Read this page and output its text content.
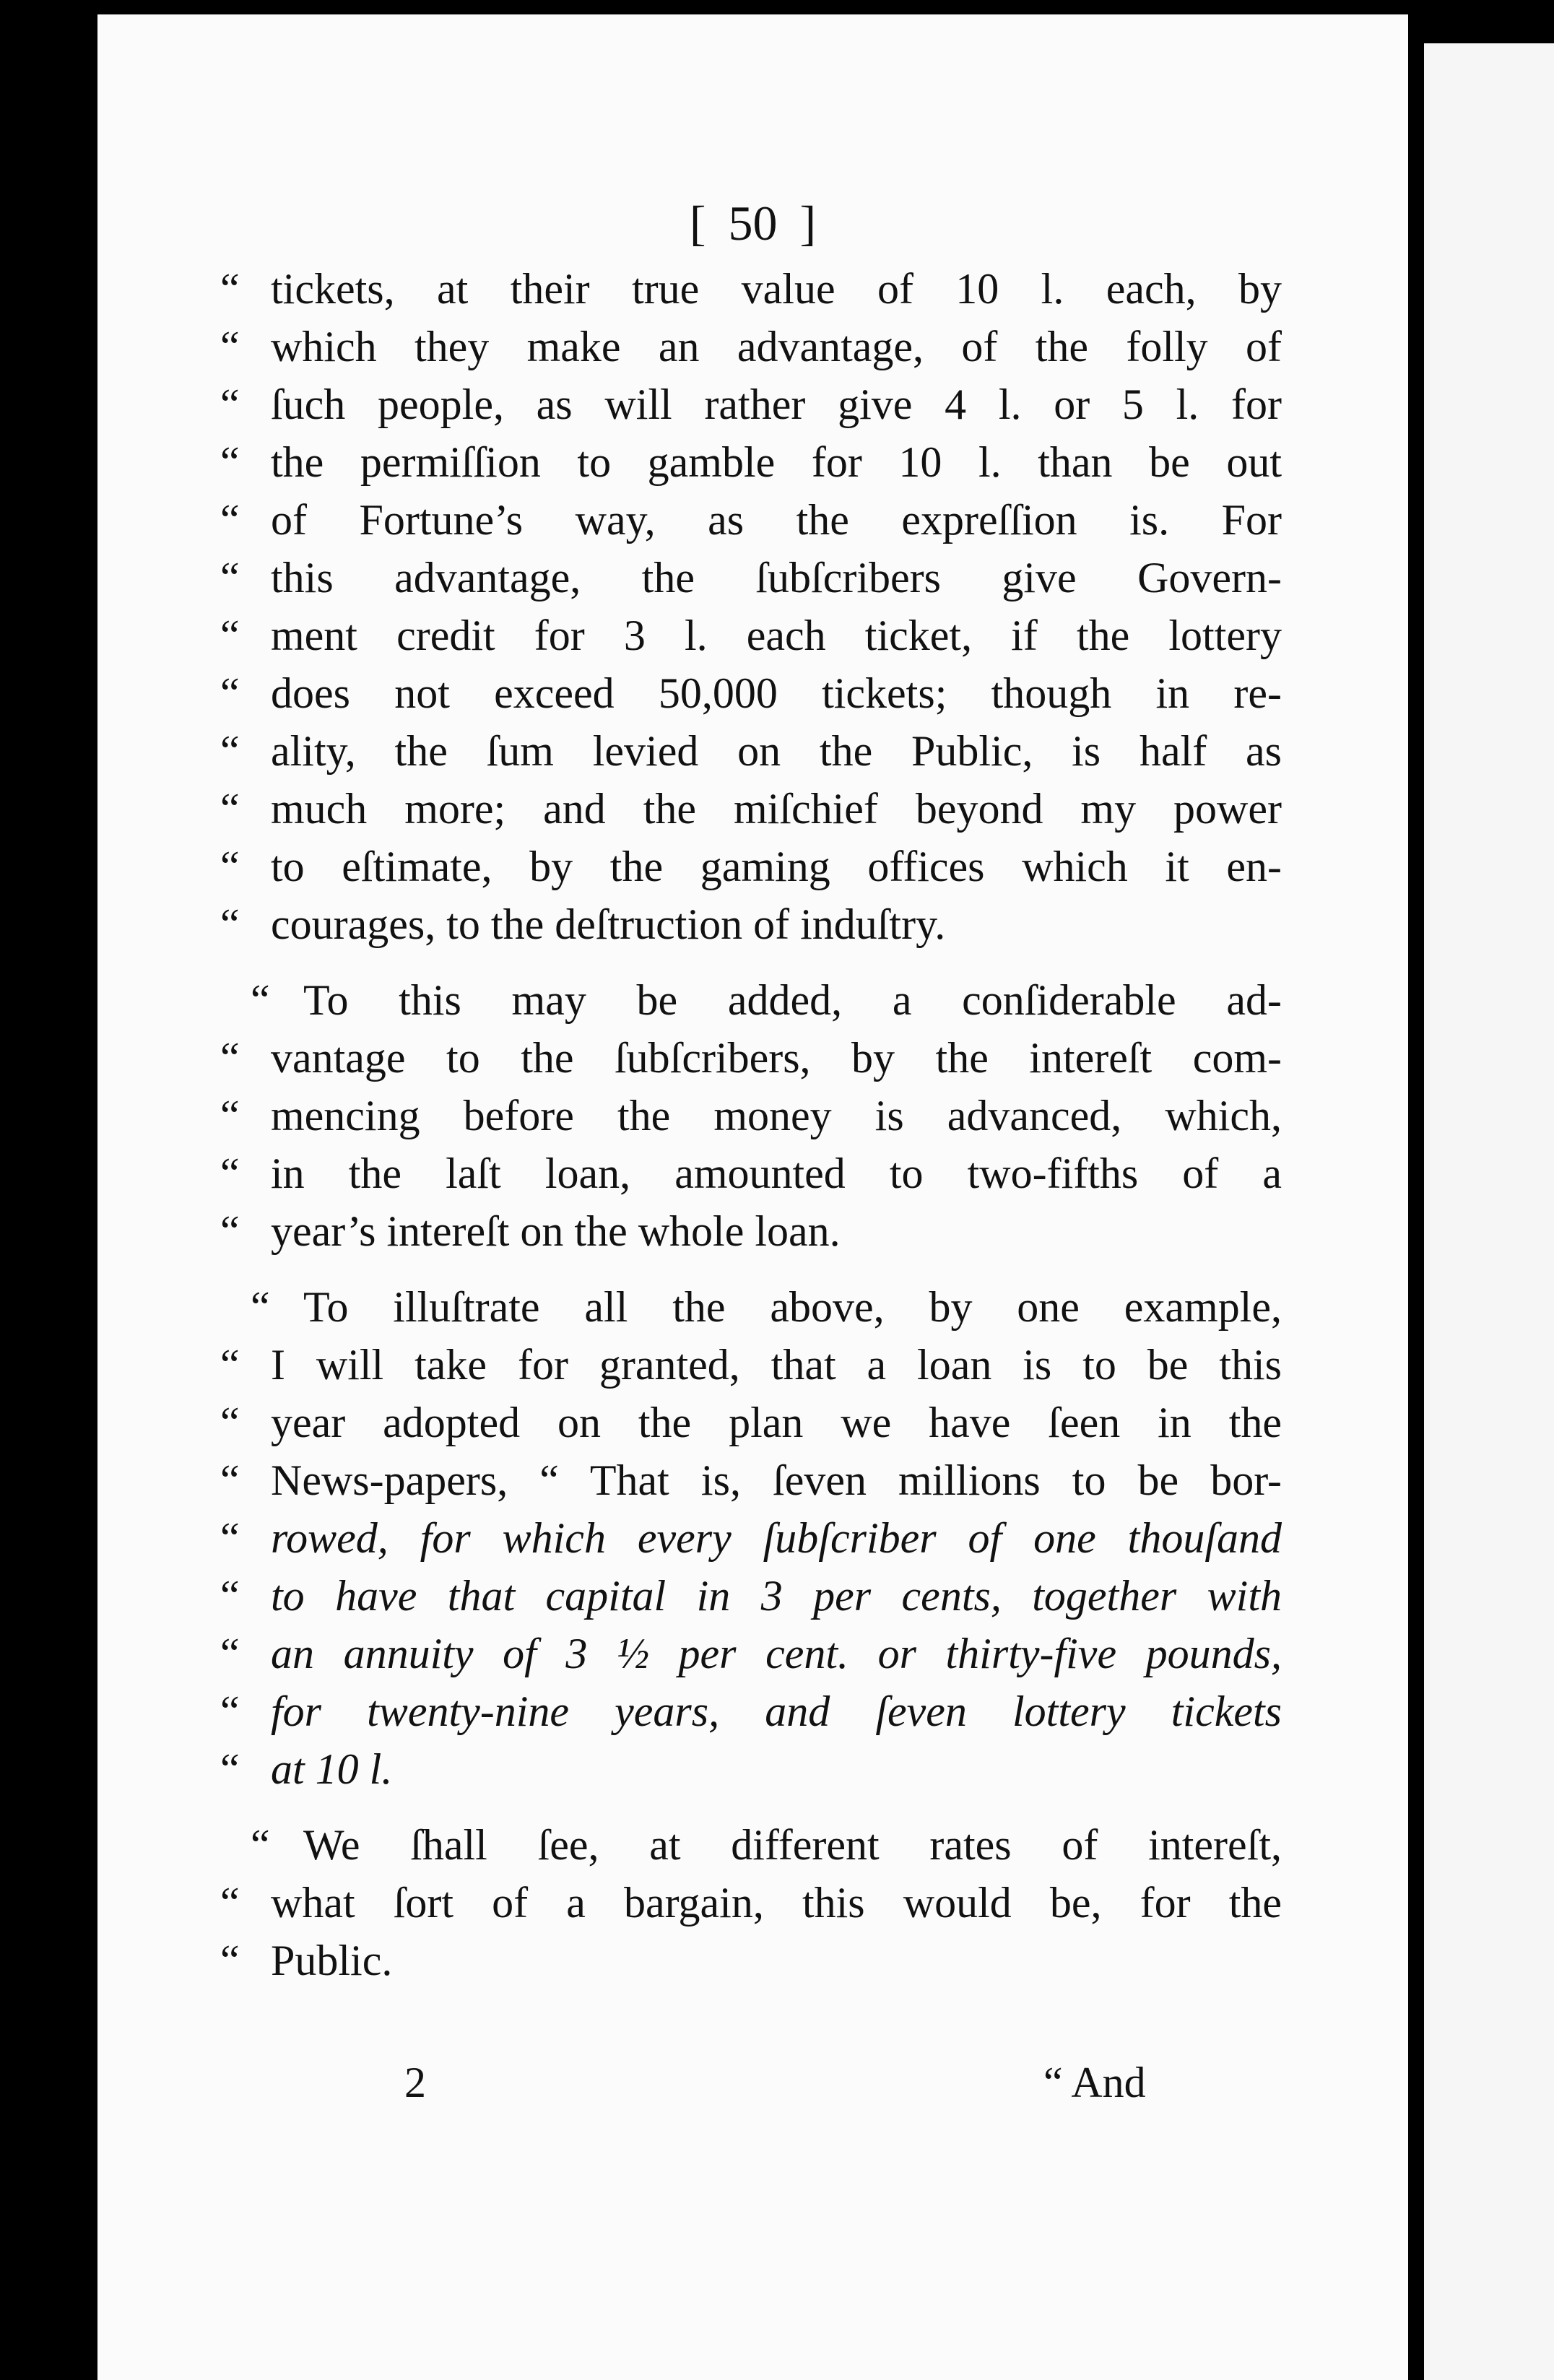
[ 50 ]
“ tickets, at their true value of 10 l. each, by
“ which they make an advantage, of the folly of
“ ſuch people, as will rather give 4 l. or 5 l. for
“ the permiſſion to gamble for 10 l. than be out
“ of Fortune’s way, as the expreſſion is. For
“ this advantage, the ſubſcribers give Govern-
“ ment credit for 3 l. each ticket, if the lottery
“ does not exceed 50,000 tickets; though in re-
“ ality, the ſum levied on the Public, is half as
“ much more; and the miſchief beyond my power
“ to eſtimate, by the gaming offices which it en-
“ courages, to the deſtruction of induſtry.
“ To this may be added, a conſiderable ad-
“ vantage to the ſubſcribers, by the intereſt com-
“ mencing before the money is advanced, which,
“ in the laſt loan, amounted to two-fifths of a
“ year’s intereſt on the whole loan.
“ To illuſtrate all the above, by one example,
“ I will take for granted, that a loan is to be this
“ year adopted on the plan we have ſeen in the
“ News-papers, “ That is, ſeven millions to be bor-
“ rowed, for which every ſubſcriber of one thouſand
“ to have that capital in 3 per cents, together with
“ an annuity of 3 ½ per cent. or thirty-five pounds,
“ for twenty-nine years, and ſeven lottery tickets
“ at 10 l.
“ We ſhall ſee, at different rates of intereſt,
“ what ſort of a bargain, this would be, for the
“ Public.
2	“ And
